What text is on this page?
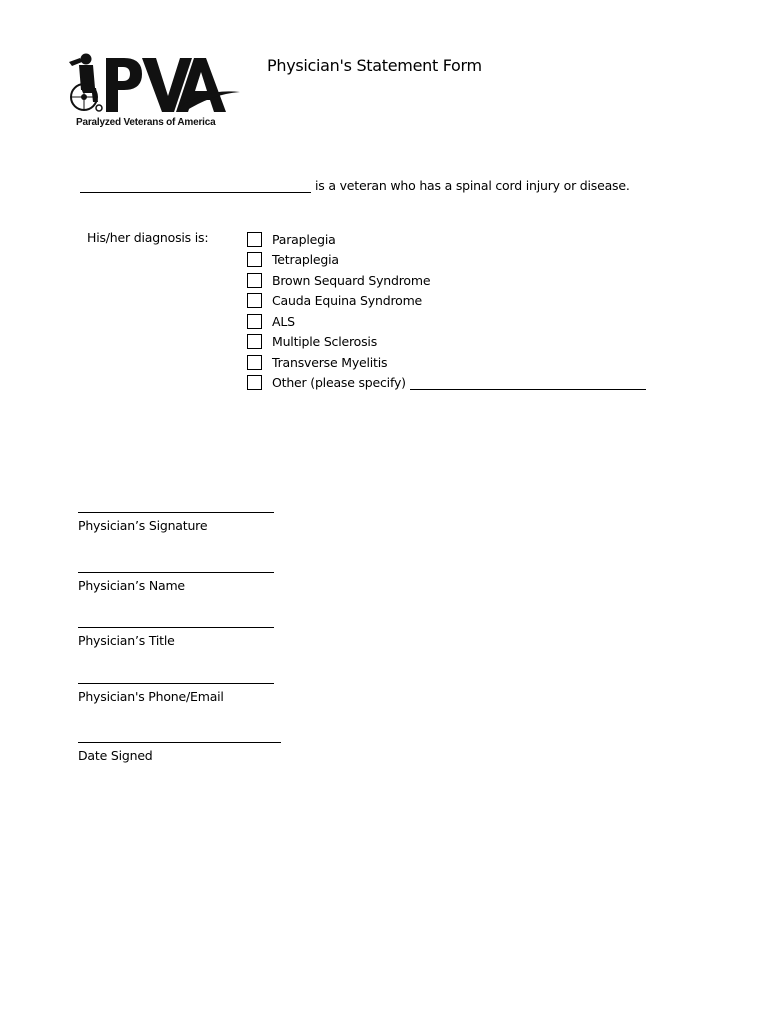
Paralyzed Veterans of America
Physician's Statement Form
is a veteran who has a spinal cord injury or disease.
His/her diagnosis is:	Paraplegia
Tetraplegia
Brown Sequard Syndrome
Cauda Equina Syndrome
ALS
Multiple Sclerosis
Transverse Myelitis
Other (please specify)
Physician’s Signature
Physician’s Name
Physician’s Title
Physician's Phone/Email
Date Signed
